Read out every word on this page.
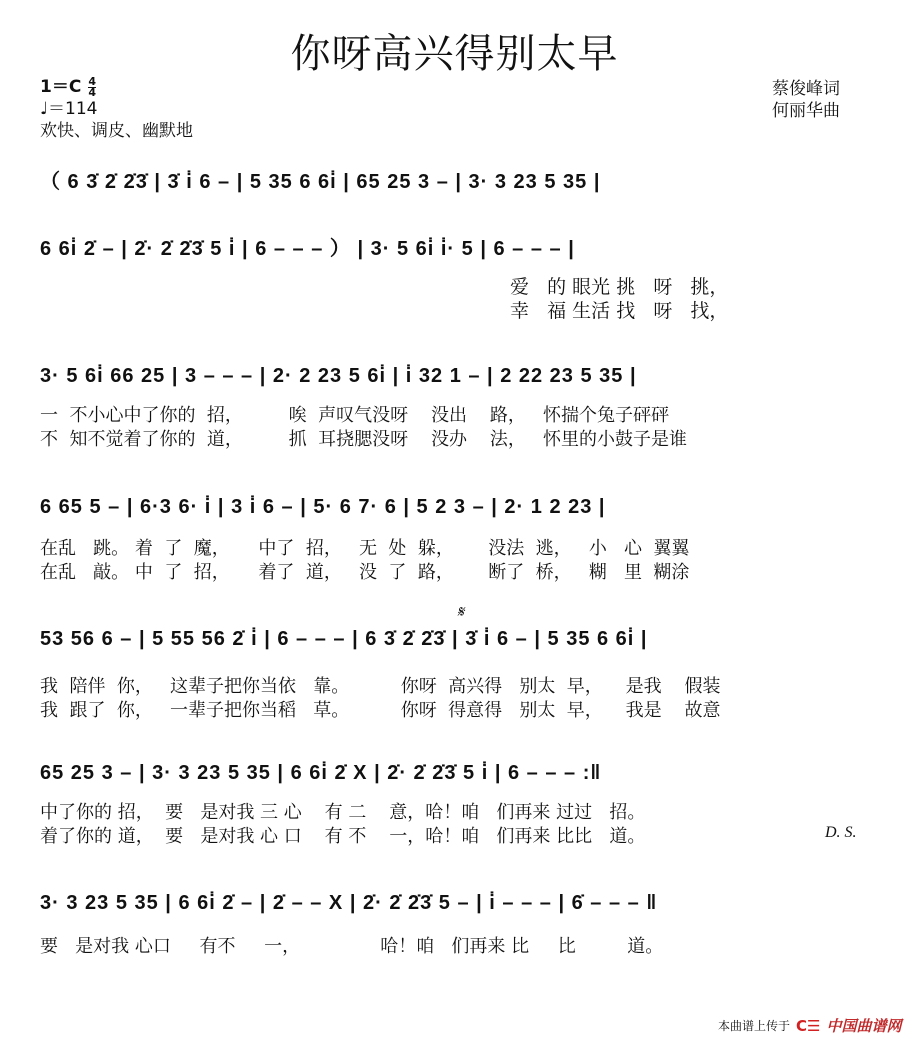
你呀高兴得别太早
1＝C 4
4
♩＝114
欢快、调皮、幽默地
蔡俊峰词
何丽华曲
（ 6 3̇ 2̇ 2̇3̇ | 3̇ i̇ 6 – | 5 35 6 6i̇ | 65 25 3 – | 3· 3 23 5 35 |
6 6i̇ 2̇ – | 2̇· 2̇ 2̇3̇ 5 i̇ | 6 – – – ） | 3· 5 6i̇ i̇· 5 | 6 – – – |
爱   的 眼光 挑   呀   挑，
幸   福 生活 找   呀   找，
3· 5 6i̇ 66 25 | 3 – – – | 2· 2 23 5 6i̇ | i̇ 32 1 – | 2 22 23 5 35 |
一  不小心中了你的  招，        唉  声叹气没呀    没出    路，   怀揣个兔子砰砰
不  知不觉着了你的  道，        抓  耳挠腮没呀    没办    法，   怀里的小鼓子是谁
6 65 5 – | 6·3 6· i̇ | 3 i̇ 6 – | 5· 6 7· 6 | 5 2 3 – | 2· 1 2 23 |
在乱   跳。 着  了  魔，     中了  招，   无  处  躲，      没法  逃，   小   心  翼翼
在乱   敲。 中  了  招，     着了  道，   没  了  路，      断了  桥，   糊   里  糊涂
𝄋
53 56 6 – | 5 55 56 2̇ i̇ | 6 – – – | 6 3̇ 2̇ 2̇3̇ | 3̇ i̇ 6 – | 5 35 6 6i̇ |
我  陪伴  你，   这辈子把你当依   靠。         你呀  高兴得   别太  早，    是我    假装
我  跟了  你，   一辈子把你当稻   草。         你呀  得意得   别太  早，    我是    故意
65 25 3 – | 3· 3 23 5 35 | 6 6i̇ 2̇ X | 2̇· 2̇ 2̇3̇ 5 i̇ | 6 – – – :‖
中了你的 招，  要   是对我 三 心    有 二    意，哈！咱   们再来 过过   招。
着了你的 道，  要   是对我 心 口    有 不    一，哈！咱   们再来 比比   道。	D. S.
3· 3 23 5 35 | 6 6i̇ 2̇ – | 2̇ – – X | 2̇· 2̇ 2̇3̇ 5 – | i̇ – – – | 6̇ – – – ‖
要   是对我 心口     有不     一，              哈！咱   们再来 比     比         道。
本曲谱上传于 C☰ 中国曲谱网
